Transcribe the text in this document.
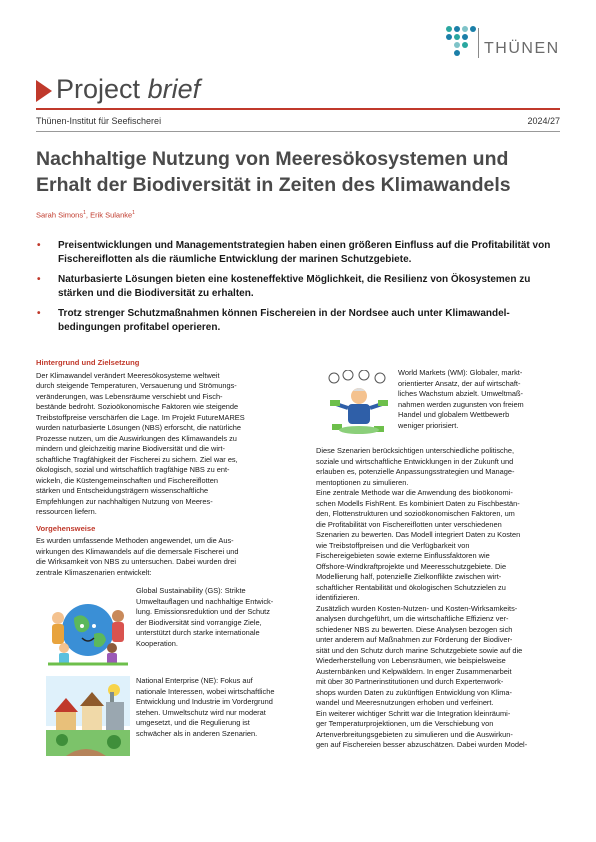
THÜNEN
Project brief
Thünen-Institut für Seefischerei	2024/27
Nachhaltige Nutzung von Meeresökosystemen und Erhalt der Biodiversität in Zeiten des Klimawandels
Sarah Simons$^1$, Erik Sulanke$^1$
• Preisentwicklungen und Managementstrategien haben einen größeren Einfluss auf die Profitabilität von Fischereiflotten als die räumliche Entwicklung der marinen Schutzgebiete.
• Naturbasierte Lösungen bieten eine kosteneffektive Möglichkeit, die Resilienz von Ökosystemen zu stärken und die Biodiversität zu erhalten.
• Trotz strenger Schutzmaßnahmen können Fischereien in der Nordsee auch unter Klimawandel-bedingungen profitabel operieren.
Hintergrund und Zielsetzung

Der Klimawandel verändert Meeresökosysteme weltweit
durch steigende Temperaturen, Versauerung und Strömungs-
veränderungen, was Lebensräume verschiebt und Fisch-
bestände bedroht. Sozioökonomische Faktoren wie steigende
Treibstoffpreise verschärfen die Lage. Im Projekt FutureMARES
wurden naturbasierte Lösungen (NBS) erforscht, die natürliche
Prozesse nutzen, um die Auswirkungen des Klimawandels zu
mindern und gleichzeitig marine Biodiversität und die wirt-
schaftliche Tragfähigkeit der Fischerei zu sichern. Ziel war es,
ökologisch, sozial und wirtschaftlich tragfähige NBS zu ent-
wickeln, die Küstengemeinschaften und Fischereiflotten
stärken und Entscheidungsträgern wissenschaftliche
Empfehlungen zur nachhaltigen Nutzung von Meeres-
ressourcen liefern.

Vorgehensweise

Es wurden umfassende Methoden angewendet, um die Aus-
wirkungen des Klimawandels auf die demersale Fischerei und
die Wirksamkeit von NBS zu untersuchen. Dabei wurden drei
zentrale Klimaszenarien entwickelt:

Global Sustainability (GS): Strikte
Umweltauflagen und nachhaltige Entwick-
lung. Emissionsreduktion und der Schutz
der Biodiversität sind vorrangige Ziele,
unterstützt durch starke internationale
Kooperation.
National Enterprise (NE): Fokus auf
nationale Interessen, wobei wirtschaftliche
Entwicklung und Industrie im Vordergrund
stehen. Umweltschutz wird nur moderat
umgesetzt, und die Regulierung ist
schwächer als in anderen Szenarien.
World Markets (WM): Globaler, markt-
orientierter Ansatz, der auf wirtschaft-
liches Wachstum abzielt. Umweltmaß-
nahmen werden zugunsten von freiem
Handel und globalem Wettbewerb
weniger priorisiert.

Diese Szenarien berücksichtigen unterschiedliche politische,
soziale und wirtschaftliche Entwicklungen in der Zukunft und
erlauben es, potenzielle Anpassungsstrategien und Manage-
mentoptionen zu simulieren.
Eine zentrale Methode war die Anwendung des bioökonomi-
schen Modells FishRent. Es kombiniert Daten zu Fischbestän-
den, Flottenstrukturen und sozioökonomischen Faktoren, um
die Profitabilität von Fischereiflotten unter verschiedenen
Szenarien zu bewerten. Das Modell integriert Daten zu Kosten
wie Treibstoffpreisen und die Verfügbarkeit von
Fischereigebieten sowie externe Einflussfaktoren wie
Offshore-Windkraftprojekte und Meeresschutzgebiete. Die
Modellierung half, potenzielle Zielkonflikte zwischen wirt-
schaftlicher Rentabilität und ökologischen Schutzzielen zu
identifizieren.
Zusätzlich wurden Kosten-Nutzen- und Kosten-Wirksamkeits-
analysen durchgeführt, um die wirtschaftliche Effizienz ver-
schiedener NBS zu bewerten. Diese Analysen bezogen sich
unter anderem auf Maßnahmen zur Förderung der Biodiver-
sität und den Schutz durch marine Schutzgebiete sowie auf die
Wiederherstellung von Lebensräumen, wie beispielsweise
Austernbänken und Kelpwäldern. In enger Zusammenarbeit
mit über 30 Partnerinstitutionen und durch Expertenwork-
shops wurden Daten zu zukünftigen Entwicklung von Klima-
wandel und Meeresnutzungen erhoben und verfeinert.
Ein weiterer wichtiger Schritt war die Integration kleinräumi-
ger Temperaturprojektionen, um die Verschiebung von
Artenverbreitungsgebieten zu simulieren und die Auswirkun-
gen auf Fischereien besser abzuschätzen. Dabei wurden Model-
